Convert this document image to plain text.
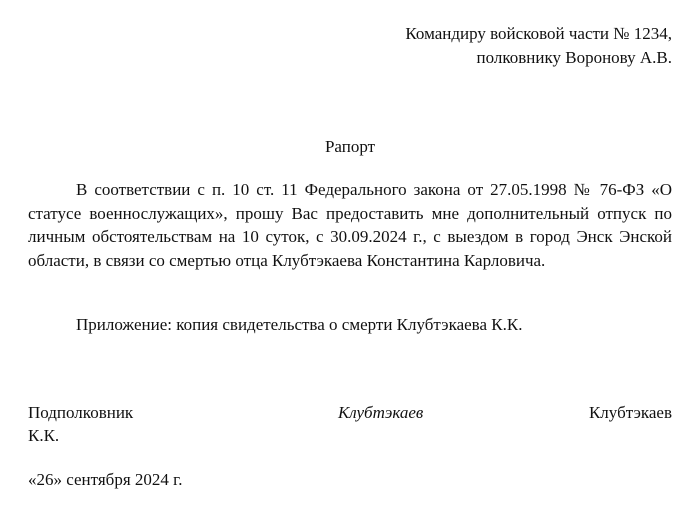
Командиру войсковой части № 1234,
полковнику Воронову А.В.
Рапорт

В соответствии с п. 10 ст. 11 Федерального закона от 27.05.1998 № 76-ФЗ «О статусе военнослужащих», прошу Вас предоставить мне дополнительный отпуск по личным обстоятельствам на 10 суток, с 30.09.2024 г., с выездом в город Энск Энской области, в связи со смертью отца Клубтэкаева Константина Карловича.

Приложение: копия свидетельства о смерти Клубтэкаева К.К.
Подполковник	Клубтэкаев	Клубтэкаев
К.К.
«26» сентября 2024 г.
